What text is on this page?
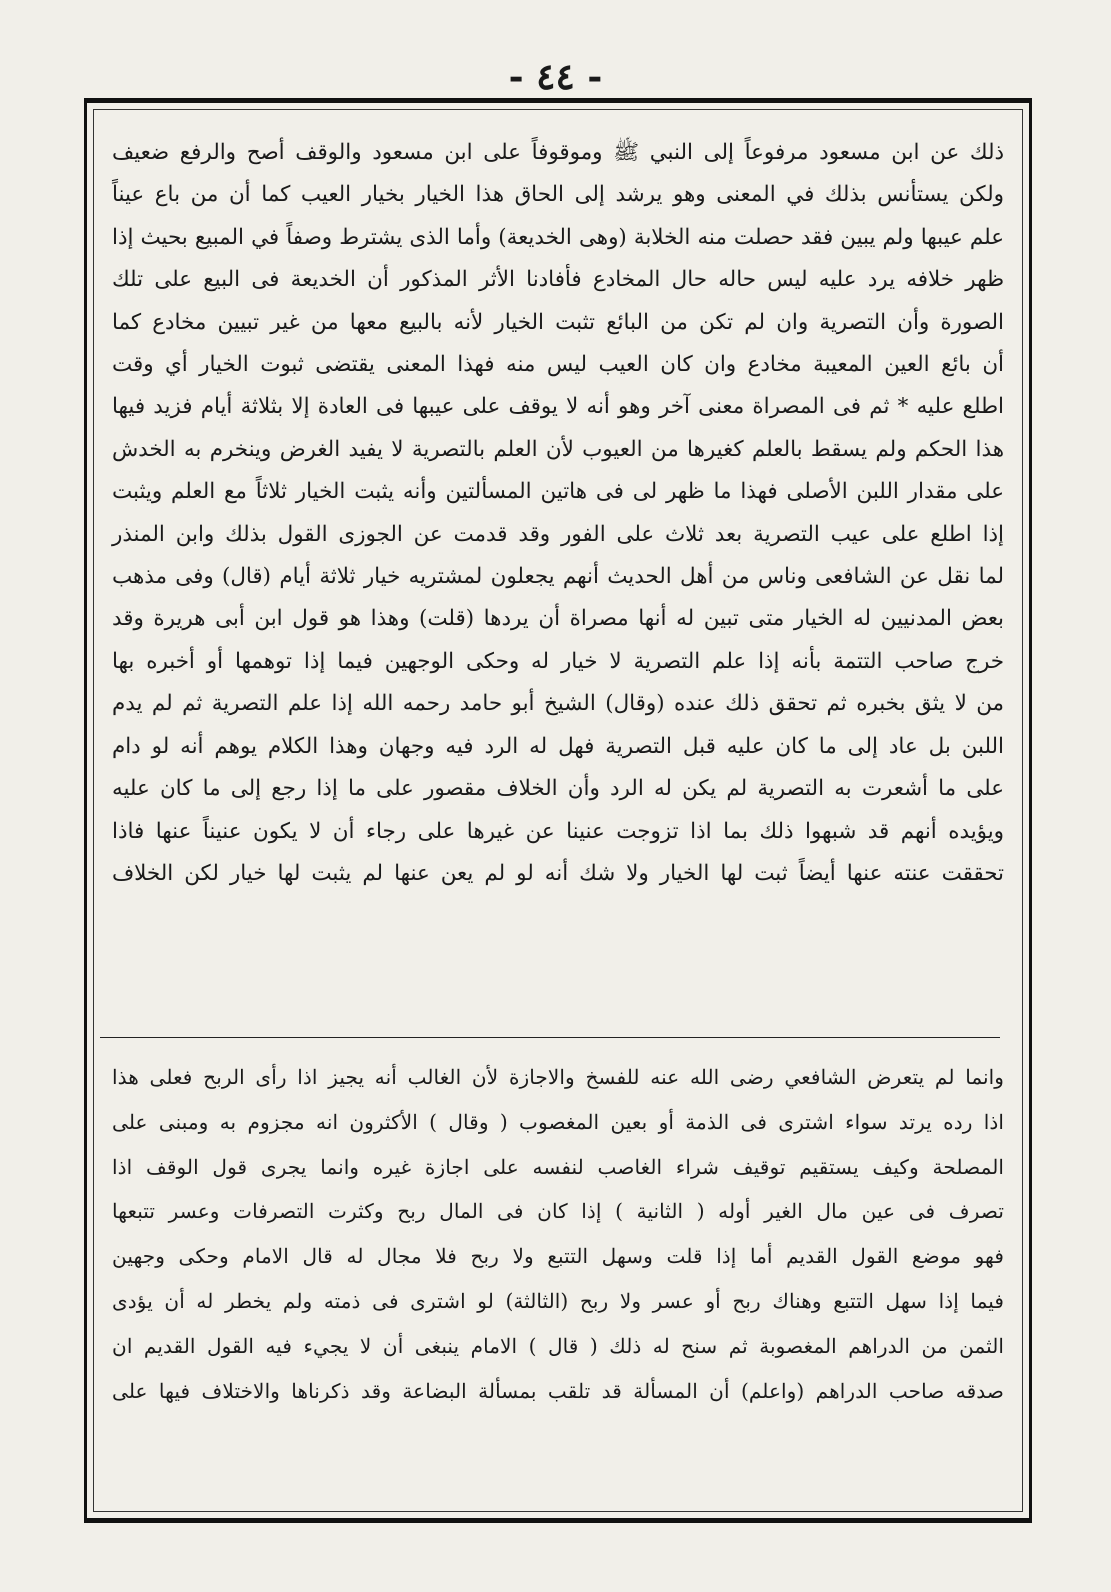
- ٤٤ -

ذلك عن ابن مسعود مرفوعاً إلى النبي ﷺ وموقوفاً على ابن مسعود والوقف أصح والرفع ضعيف

ولكن يستأنس بذلك في المعنى وهو يرشد إلى الحاق هذا الخيار بخيار العيب كما أن من باع عيناً

علم عيبها ولم يبين فقد حصلت منه الخلابة (وهى الخديعة) وأما الذى يشترط وصفاً في المبيع بحيث إذا

ظهر خلافه يرد عليه ليس حاله حال المخادع فأفادنا الأثر المذكور أن الخديعة فى البيع على تلك

الصورة وأن التصرية وان لم تكن من البائع تثبت الخيار لأنه بالبيع معها من غير تبيين مخادع كما

أن بائع العين المعيبة مخادع وان كان العيب ليس منه فهذا المعنى يقتضى ثبوت الخيار أي وقت

اطلع عليه * ثم فى المصراة معنى آخر وهو أنه لا يوقف على عيبها فى العادة إلا بثلاثة أيام فزيد فيها

هذا الحكم ولم يسقط بالعلم كغيرها من العيوب لأن العلم بالتصرية لا يفيد الغرض وينخرم به الخدش

على مقدار اللبن الأصلى فهذا ما ظهر لى فى هاتين المسألتين وأنه يثبت الخيار ثلاثاً مع العلم ويثبت

إذا اطلع على عيب التصرية بعد ثلاث على الفور وقد قدمت عن الجوزى القول بذلك وابن المنذر

لما نقل عن الشافعى وناس من أهل الحديث أنهم يجعلون لمشتريه خيار ثلاثة أيام (قال) وفى مذهب

بعض المدنيين له الخيار متى تبين له أنها مصراة أن يردها (قلت) وهذا هو قول ابن أبى هريرة وقد

خرج صاحب التتمة بأنه إذا علم التصرية لا خيار له وحكى الوجهين فيما إذا توهمها أو أخبره بها

من لا يثق بخبره ثم تحقق ذلك عنده (وقال) الشيخ أبو حامد رحمه الله إذا علم التصرية ثم لم يدم

اللبن بل عاد إلى ما كان عليه قبل التصرية فهل له الرد فيه وجهان وهذا الكلام يوهم أنه لو دام

على ما أشعرت به التصرية لم يكن له الرد وأن الخلاف مقصور على ما إذا رجع إلى ما كان عليه

ويؤيده أنهم قد شبهوا ذلك بما اذا تزوجت عنينا عن غيرها على رجاء أن لا يكون عنيناً عنها فاذا

تحققت عنته عنها أيضاً ثبت لها الخيار ولا شك أنه لو لم يعن عنها لم يثبت لها خيار لكن الخلاف

وانما لم يتعرض الشافعي رضى الله عنه للفسخ والاجازة لأن الغالب أنه يجيز اذا رأى الربح فعلى هذا

اذا رده يرتد سواء اشترى فى الذمة أو بعين المغصوب ( وقال ) الأكثرون انه مجزوم به ومبنى على

المصلحة وكيف يستقيم توقيف شراء الغاصب لنفسه على اجازة غيره وانما يجرى قول الوقف اذا

تصرف فى عين مال الغير أوله ( الثانية ) إذا كان فى المال ربح وكثرت التصرفات وعسر تتبعها

فهو موضع القول القديم أما إذا قلت وسهل التتبع ولا ربح فلا مجال له قال الامام وحكى وجهين

فيما إذا سهل التتبع وهناك ربح أو عسر ولا ربح (الثالثة) لو اشترى فى ذمته ولم يخطر له أن يؤدى

الثمن من الدراهم المغصوبة ثم سنح له ذلك ( قال ) الامام ينبغى أن لا يجيء فيه القول القديم ان

صدقه صاحب الدراهم (واعلم) أن المسألة قد تلقب بمسألة البضاعة وقد ذكرناها والاختلاف فيها على
